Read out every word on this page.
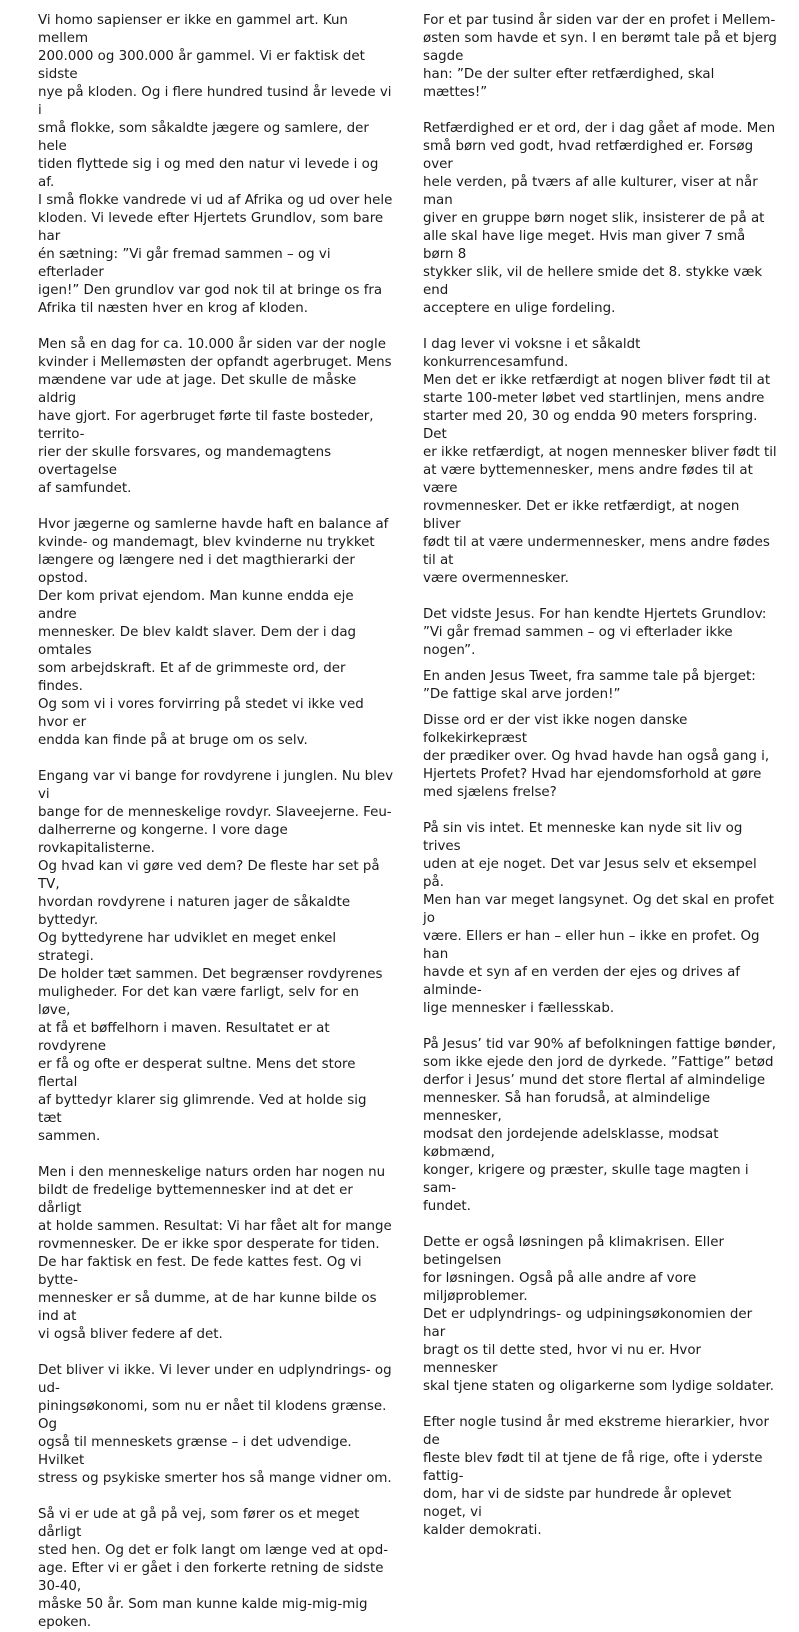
Vi homo sapienser er ikke en gammel art. Kun mellem
200.000 og 300.000 år gammel. Vi er faktisk det sidste
nye på kloden. Og i flere hundred tusind år levede vi i
små flokke, som såkaldte jægere og samlere, der hele
tiden flyttede sig i og med den natur vi levede i og af.
I små flokke vandrede vi ud af Afrika og ud over hele
kloden. Vi levede efter Hjertets Grundlov, som bare har
én sætning: ”Vi går fremad sammen – og vi efterlader
igen!” Den grundlov var god nok til at bringe os fra
Afrika til næsten hver en krog af kloden.

Men så en dag for ca. 10.000 år siden var der nogle
kvinder i Mellemøsten der opfandt agerbruget. Mens
mændene var ude at jage. Det skulle de måske aldrig
have gjort. For agerbruget førte til faste bosteder, territo-
rier der skulle forsvares, og mandemagtens overtagelse
af samfundet.

Hvor jægerne og samlerne havde haft en balance af
kvinde- og mandemagt, blev kvinderne nu trykket
længere og længere ned i det magthierarki der opstod.
Der kom privat ejendom. Man kunne endda eje andre
mennesker. De blev kaldt slaver. Dem der i dag omtales
som arbejdskraft. Et af de grimmeste ord, der findes.
Og som vi i vores forvirring på stedet vi ikke ved hvor er
endda kan finde på at bruge om os selv.

Engang var vi bange for rovdyrene i junglen. Nu blev vi
bange for de menneskelige rovdyr. Slaveejerne. Feu-
dalherrerne og kongerne. I vore dage rovkapitalisterne.
Og hvad kan vi gøre ved dem? De fleste har set på TV,
hvordan rovdyrene i naturen jager de såkaldte byttedyr.
Og byttedyrene har udviklet en meget enkel strategi.
De holder tæt sammen. Det begrænser rovdyrenes
muligheder. For det kan være farligt, selv for en løve,
at få et bøffelhorn i maven. Resultatet er at rovdyrene
er få og ofte er desperat sultne. Mens det store flertal
af byttedyr klarer sig glimrende. Ved at holde sig tæt
sammen.

Men i den menneskelige naturs orden har nogen nu
bildt de fredelige byttemennesker ind at det er dårligt
at holde sammen. Resultat: Vi har fået alt for mange
rovmennesker. De er ikke spor desperate for tiden.
De har faktisk en fest. De fede kattes fest. Og vi bytte-
mennesker er så dumme, at de har kunne bilde os ind at
vi også bliver federe af det.

Det bliver vi ikke. Vi lever under en udplyndrings- og ud-
piningsøkonomi, som nu er nået til klodens grænse. Og
også til menneskets grænse – i det udvendige. Hvilket
stress og psykiske smerter hos så mange vidner om.

Så vi er ude at gå på vej, som fører os et meget dårligt
sted hen. Og det er folk langt om længe ved at opd-
age. Efter vi er gået i den forkerte retning de sidste 30-40,
måske 50 år. Som man kunne kalde mig-mig-mig epoken.

For et par tusind år siden var der en profet i Mellem-
østen som havde et syn. I en berømt tale på et bjerg sagde
han: ”De der sulter efter retfærdighed, skal mættes!”

Retfærdighed er et ord, der i dag gået af mode. Men
små børn ved godt, hvad retfærdighed er. Forsøg over
hele verden, på tværs af alle kulturer, viser at når man
giver en gruppe børn noget slik, insisterer de på at
alle skal have lige meget. Hvis man giver 7 små børn 8
stykker slik, vil de hellere smide det 8. stykke væk end
acceptere en ulige fordeling.

I dag lever vi voksne i et såkaldt konkurrencesamfund.
Men det er ikke retfærdigt at nogen bliver født til at
starte 100-meter løbet ved startlinjen, mens andre
starter med 20, 30 og endda 90 meters forspring. Det
er ikke retfærdigt, at nogen mennesker bliver født til
at være byttemennesker, mens andre fødes til at være
rovmennesker. Det er ikke retfærdigt, at nogen bliver
født til at være undermennesker, mens andre fødes til at
være overmennesker.

Det vidste Jesus. For han kendte Hjertets Grundlov:
”Vi går fremad sammen – og vi efterlader ikke nogen”.

En anden Jesus Tweet, fra samme tale på bjerget:
”De fattige skal arve jorden!”

Disse ord er der vist ikke nogen danske folkekirkepræst
der prædiker over. Og hvad havde han også gang i,
Hjertets Profet? Hvad har ejendomsforhold at gøre
med sjælens frelse?

På sin vis intet. Et menneske kan nyde sit liv og trives
uden at eje noget. Det var Jesus selv et eksempel på.
Men han var meget langsynet. Og det skal en profet jo
være. Ellers er han – eller hun – ikke en profet. Og han
havde et syn af en verden der ejes og drives af alminde-
lige mennesker i fællesskab.

På Jesus’ tid var 90% af befolkningen fattige bønder,
som ikke ejede den jord de dyrkede. ”Fattige” betød
derfor i Jesus’ mund det store flertal af almindelige
mennesker. Så han forudså, at almindelige mennesker,
modsat den jordejende adelsklasse, modsat købmænd,
konger, krigere og præster, skulle tage magten i sam-
fundet.

Dette er også løsningen på klimakrisen. Eller betingelsen
for løsningen. Også på alle andre af vore miljøproblemer.
Det er udplyndrings- og udpiningsøkonomien der har
bragt os til dette sted, hvor vi nu er. Hvor mennesker
skal tjene staten og oligarkerne som lydige soldater.

Efter nogle tusind år med ekstreme hierarkier, hvor de
fleste blev født til at tjene de få rige, ofte i yderste fattig-
dom, har vi de sidste par hundrede år oplevet noget, vi
kalder demokrati.
